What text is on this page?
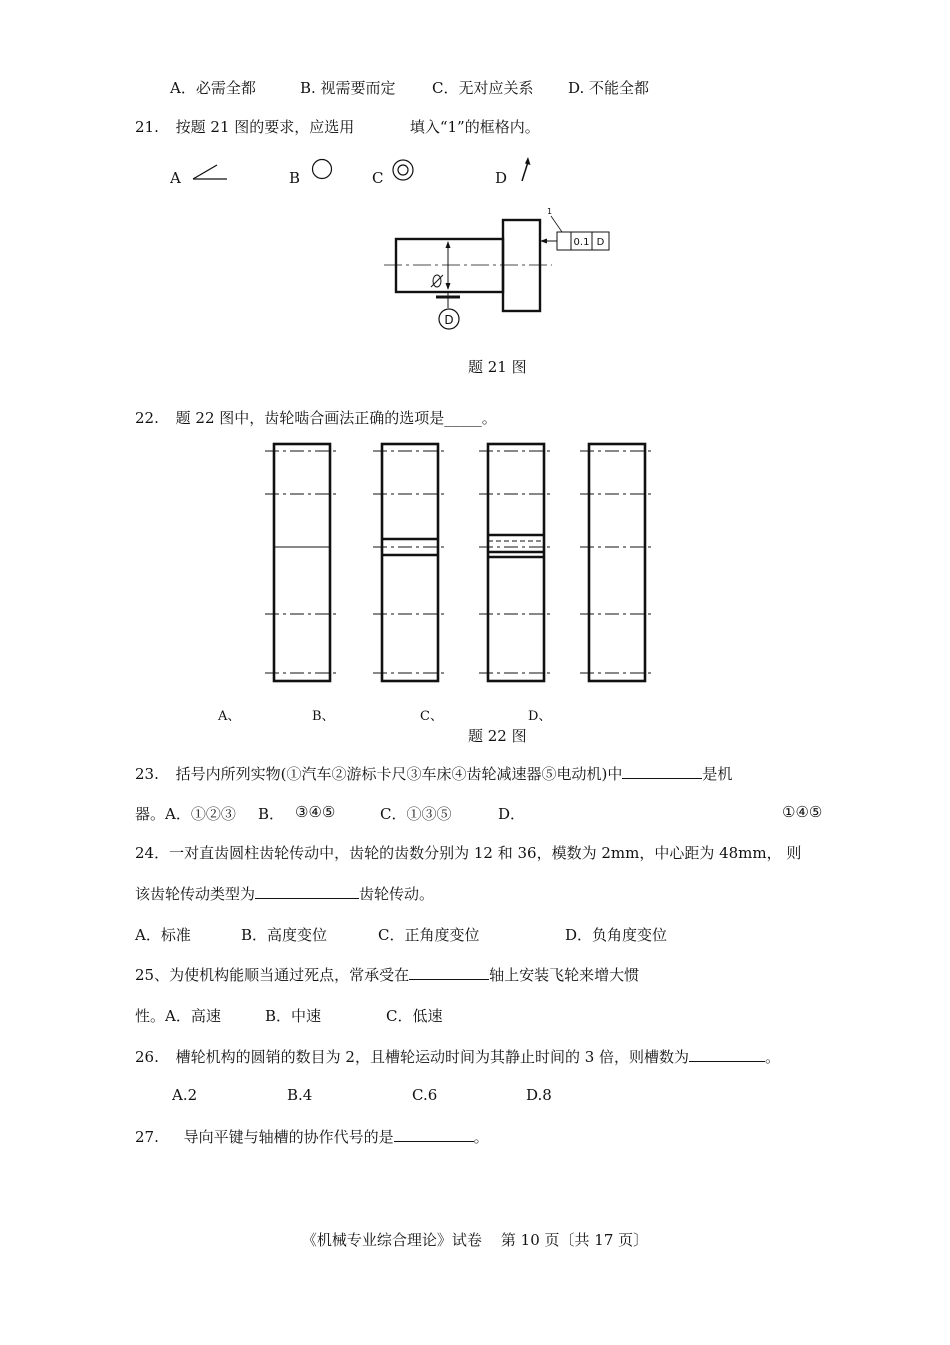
A．必需全都	B. 视需要而定 C．无对应关系 D. 不能全都
21. 按题 21 图的要求，应选用	填入“1”的框格内。
A	B	C	D
D
1
0.1 D
题 21 图
22. 题 22 图中，齿轮啮合画法正确的选项是_____。
A、	B、	C、	D、
题 22 图
23. 括号内所列实物(①汽车②游标卡尺③车床④齿轮减速器⑤电动机)中	是机
器。 A．①②③ B． ③④⑤	C．①③⑤	D．	①④⑤
24．一对直齿圆柱齿轮传动中，齿轮的齿数分别为 12 和 36，模数为 2mm，中心距为 48mm， 则
该齿轮传动类型为	齿轮传动。
A．标准	B．高度变位	C．正角度变位	D．负角度变位
25、为使机构能顺当通过死点，常承受在	轴上安装飞轮来增大惯
性。 A．高速	B．中速	C．低速
26. 槽轮机构的圆销的数目为 2，且槽轮运动时间为其静止时间的 3 倍，则槽数为	。
A.2	B.4	C.6	D.8
27. 导向平键与轴槽的协作代号的是	。
《机械专业综合理论》试卷    第 10 页〔共 17 页〕
